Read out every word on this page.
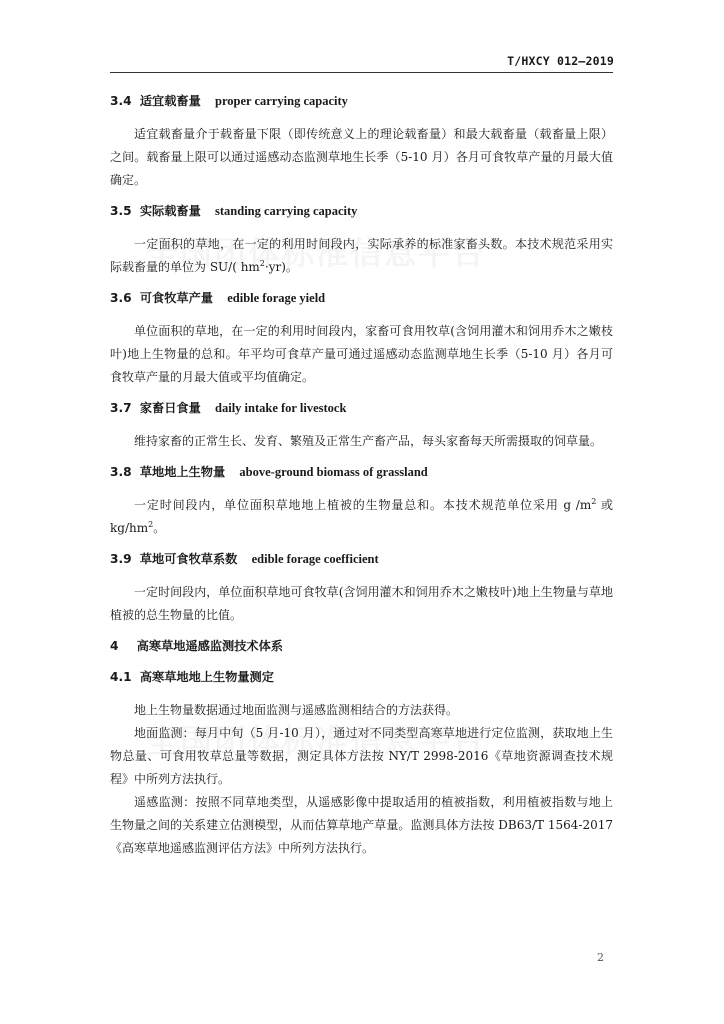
T/HXCY 012—2019
3.4 适宜载畜量 proper carrying capacity

适宜载畜量介于载畜量下限（即传统意义上的理论载畜量）和最大载畜量（载畜量上限）之间。载畜量上限可以通过遥感动态监测草地生长季（5-10 月）各月可食牧草产量的月最大值确定。

3.5 实际载畜量 standing carrying capacity

一定面积的草地，在一定的利用时间段内，实际承养的标准家畜头数。本技术规范采用实际载畜量的单位为 SU/( $hm^2\cdot yr$)。

3.6 可食牧草产量 edible forage yield

单位面积的草地，在一定的利用时间段内，家畜可食用牧草(含饲用灌木和饲用乔木之嫩枝叶)地上生物量的总和。年平均可食草产量可通过遥感动态监测草地生长季（5-10 月）各月可食牧草产量的月最大值或平均值确定。

3.7 家畜日食量 daily intake for livestock

维持家畜的正常生长、发育、繁殖及正常生产畜产品，每头家畜每天所需摄取的饲草量。

3.8 草地地上生物量 above-ground biomass of grassland

一定时间段内，单位面积草地地上植被的生物量总和。本技术规范单位采用 g $/m^2$ 或 $kg/hm^2$。

3.9 草地可食牧草系数 edible forage coefficient

一定时间段内，单位面积草地可食牧草(含饲用灌木和饲用乔木之嫩枝叶)地上生物量与草地植被的总生物量的比值。

4 高寒草地遥感监测技术体系
4.1 高寒草地地上生物量测定

地上生物量数据通过地面监测与遥感监测相结合的方法获得。

地面监测：每月中旬（5 月-10 月），通过对不同类型高寒草地进行定位监测，获取地上生物总量、可食用牧草总量等数据，测定具体方法按 NY/T 2998-2016《草地资源调查技术规程》中所列方法执行。

遥感监测：按照不同草地类型，从遥感影像中提取适用的植被指数，利用植被指数与地上生物量之间的关系建立估测模型，从而估算草地产草量。监测具体方法按 DB63/T 1564-2017《高寒草地遥感监测评估方法》中所列方法执行。

2
